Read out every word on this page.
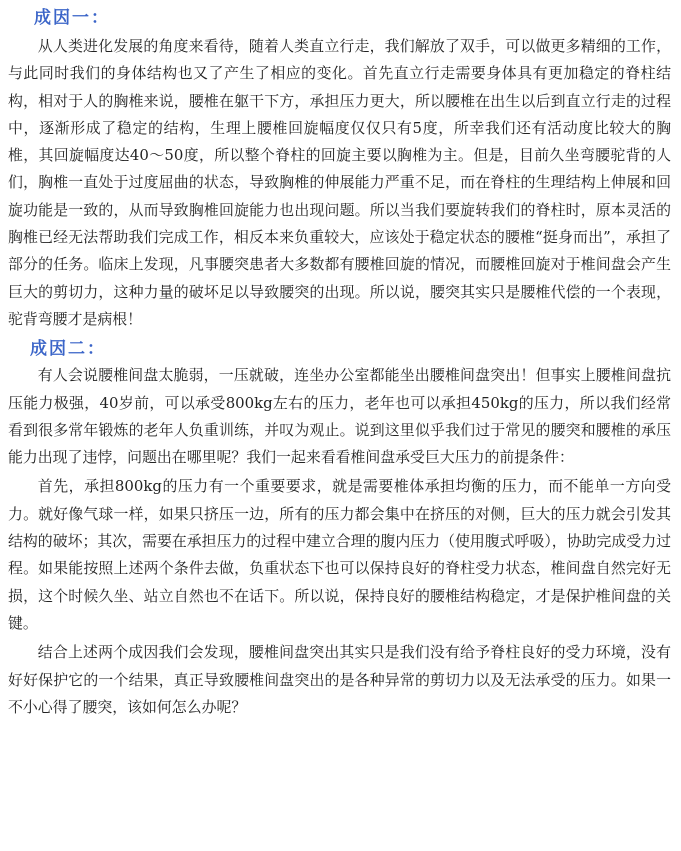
成因一：

从人类进化发展的角度来看待，随着人类直立行走，我们解放了双手，可以做更多精细的工作，与此同时我们的身体结构也又了产生了相应的变化。首先直立行走需要身体具有更加稳定的脊柱结构，相对于人的胸椎来说，腰椎在躯干下方，承担压力更大，所以腰椎在出生以后到直立行走的过程中，逐渐形成了稳定的结构，生理上腰椎回旋幅度仅仅只有5度，所幸我们还有活动度比较大的胸椎，其回旋幅度达40～50度，所以整个脊柱的回旋主要以胸椎为主。但是，目前久坐弯腰驼背的人们，胸椎一直处于过度屈曲的状态，导致胸椎的伸展能力严重不足，而在脊柱的生理结构上伸展和回旋功能是一致的，从而导致胸椎回旋能力也出现问题。所以当我们要旋转我们的脊柱时，原本灵活的胸椎已经无法帮助我们完成工作，相反本来负重较大，应该处于稳定状态的腰椎“挺身而出”，承担了部分的任务。临床上发现，凡事腰突患者大多数都有腰椎回旋的情况，而腰椎回旋对于椎间盘会产生巨大的剪切力，这种力量的破坏足以导致腰突的出现。所以说，腰突其实只是腰椎代偿的一个表现，驼背弯腰才是病根！

成因二：

有人会说腰椎间盘太脆弱，一压就破，连坐办公室都能坐出腰椎间盘突出！但事实上腰椎间盘抗压能力极强，40岁前，可以承受800kg左右的压力，老年也可以承担450kg的压力，所以我们经常看到很多常年锻炼的老年人负重训练，并叹为观止。说到这里似乎我们过于常见的腰突和腰椎的承压能力出现了违悖，问题出在哪里呢？我们一起来看看椎间盘承受巨大压力的前提条件：

首先，承担800kg的压力有一个重要要求，就是需要椎体承担均衡的压力，而不能单一方向受力。就好像气球一样，如果只挤压一边，所有的压力都会集中在挤压的对侧，巨大的压力就会引发其结构的破坏；其次，需要在承担压力的过程中建立合理的腹内压力（使用腹式呼吸），协助完成受力过程。如果能按照上述两个条件去做，负重状态下也可以保持良好的脊柱受力状态，椎间盘自然完好无损，这个时候久坐、站立自然也不在话下。所以说，保持良好的腰椎结构稳定，才是保护椎间盘的关键。

结合上述两个成因我们会发现，腰椎间盘突出其实只是我们没有给予脊柱良好的受力环境，没有好好保护它的一个结果，真正导致腰椎间盘突出的是各种异常的剪切力以及无法承受的压力。如果一不小心得了腰突，该如何怎么办呢？
